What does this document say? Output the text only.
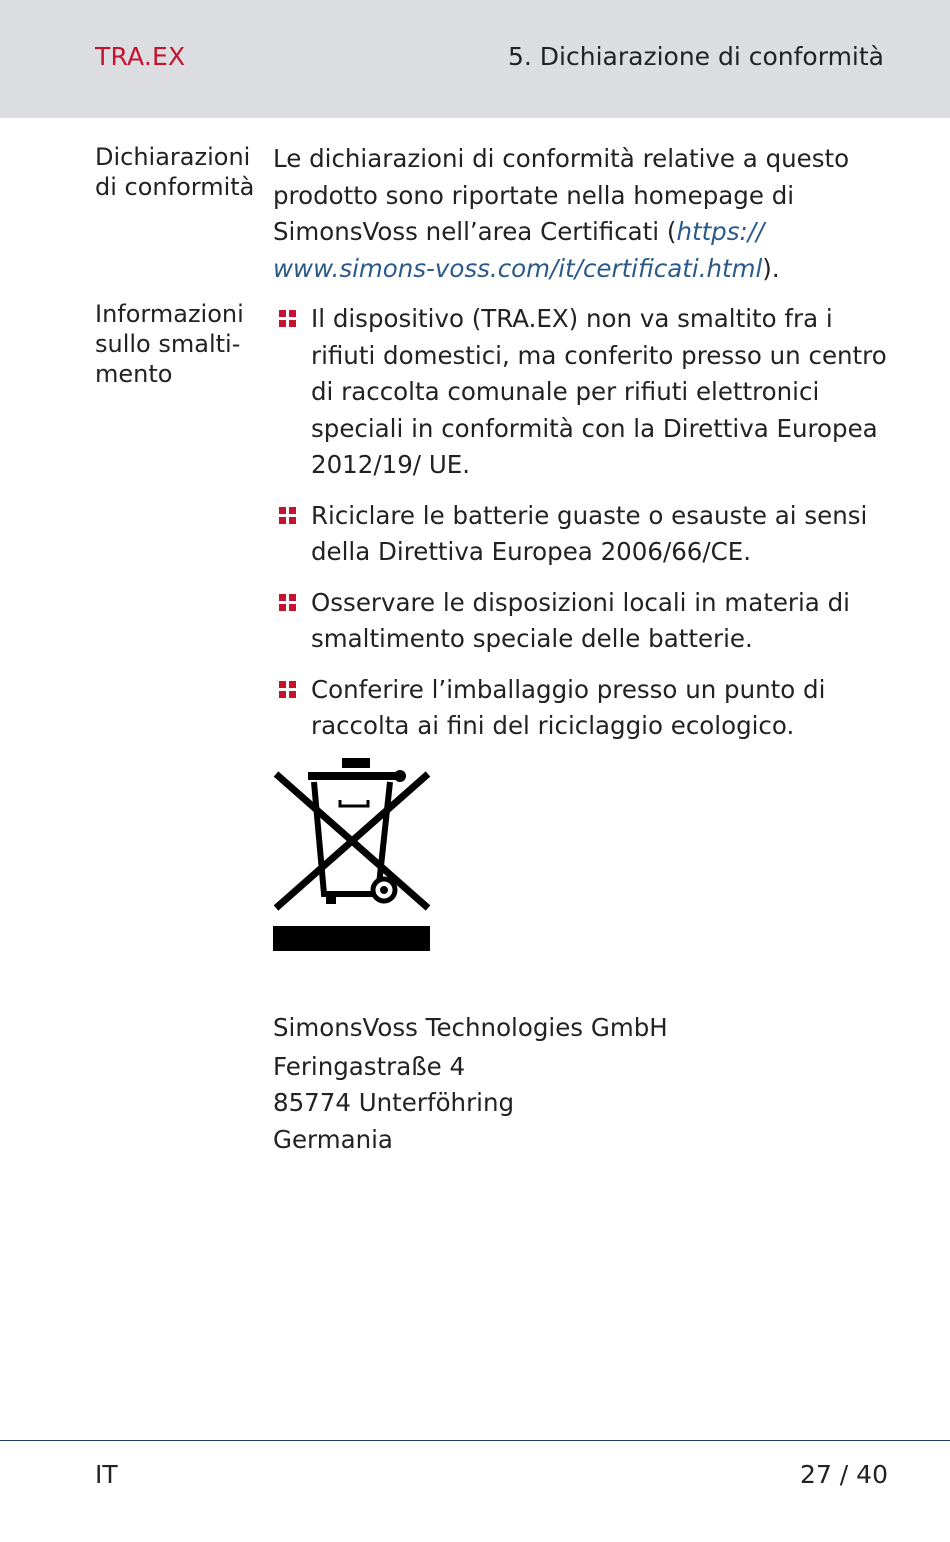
TRA.EX	5. Dichiarazione di conformità
Dichiarazioni
di conformità
Le dichiarazioni di conformità relative a questo prodotto sono riportate nella homepage di SimonsVoss nell’area Certificati (https://
www.simons-voss.com/it/certificati.html).
Informazioni
sullo smalti-
mento
Il dispositivo (TRA.EX) non va smaltito fra i rifiuti domestici, ma conferito presso un centro di raccolta comunale per rifiuti elettronici speciali in conformità con la Direttiva Europea 2012/19/ UE.
Riciclare le batterie guaste o esauste ai sensi della Direttiva Europea 2006/66/CE.
Osservare le disposizioni locali in materia di smaltimento speciale delle batterie.
Conferire l’imballaggio presso un punto di raccolta ai fini del riciclaggio ecologico.
SimonsVoss Technologies GmbH
Feringastraße 4
85774 Unterföhring
Germania
IT	27 / 40
